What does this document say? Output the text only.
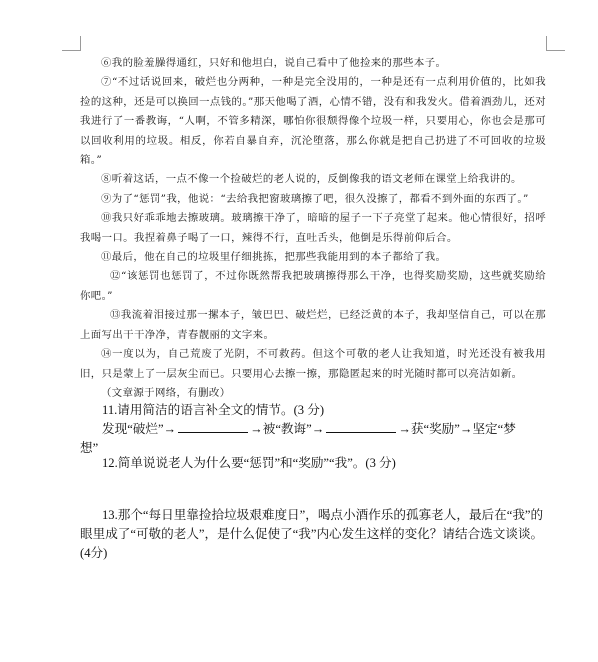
⑥我的脸羞臊得通红，只好和他坦白，说自己看中了他捡来的那些本子。

⑦“不过话说回来，破烂也分两种，一种是完全没用的，一种是还有一点利用价值的，比如我捡的这种，还是可以换回一点钱的。”那天他喝了酒，心情不错，没有和我发火。借着酒劲儿，还对我进行了一番教诲，“人啊，不管多精深，哪怕你很颓得像个垃圾一样，只要用心，你也会是那可以回收利用的垃圾。相反，你若自暴自弃，沉沦堕落，那么你就是把自己扔进了不可回收的垃圾箱。”

⑧听着这话，一点不像一个捡破烂的老人说的，反倒像我的语文老师在课堂上给我讲的。

⑨为了“惩罚”我，他说：“去给我把窗玻璃擦了吧，很久没擦了，都看不到外面的东西了。”

⑩我只好乖乖地去擦玻璃。玻璃擦干净了，暗暗的屋子一下子亮堂了起来。他心情很好，招呼我喝一口。我捏着鼻子喝了一口，辣得不行，直吐舌头，他倒是乐得前仰后合。

⑪最后，他在自己的垃圾里仔细挑拣，把那些我能用到的本子都给了我。

⑫“该惩罚也惩罚了，不过你既然帮我把玻璃擦得那么干净，也得奖励奖励，这些就奖励给你吧。”

⑬我流着泪接过那一摞本子，皱巴巴、破烂烂，已经泛黄的本子，我却坚信自己，可以在那上面写出干干净净，青春靓丽的文字来。

⑭一度以为，自己荒废了光阴，不可救药。但这个可敬的老人让我知道，时光还没有被我用旧，只是蒙上了一层灰尘而已。只要用心去擦一擦，那隐匿起来的时光随时都可以亮洁如新。

（文章源于网络，有删改）

11.请用简洁的语言补全文的情节。(3 分)

发现“破烂”→	→被“教诲”→	→获“奖励”→坚定“梦

想”

12.简单说说老人为什么要“惩罚”和“奖励”“我”。(3 分)

13.那个“每日里靠捡拾垃圾艰难度日”，喝点小酒作乐的孤寡老人，最后在“我”的眼里成了“可敬的老人”，是什么促使了“我”内心发生这样的变化？请结合选文谈谈。(4分)
